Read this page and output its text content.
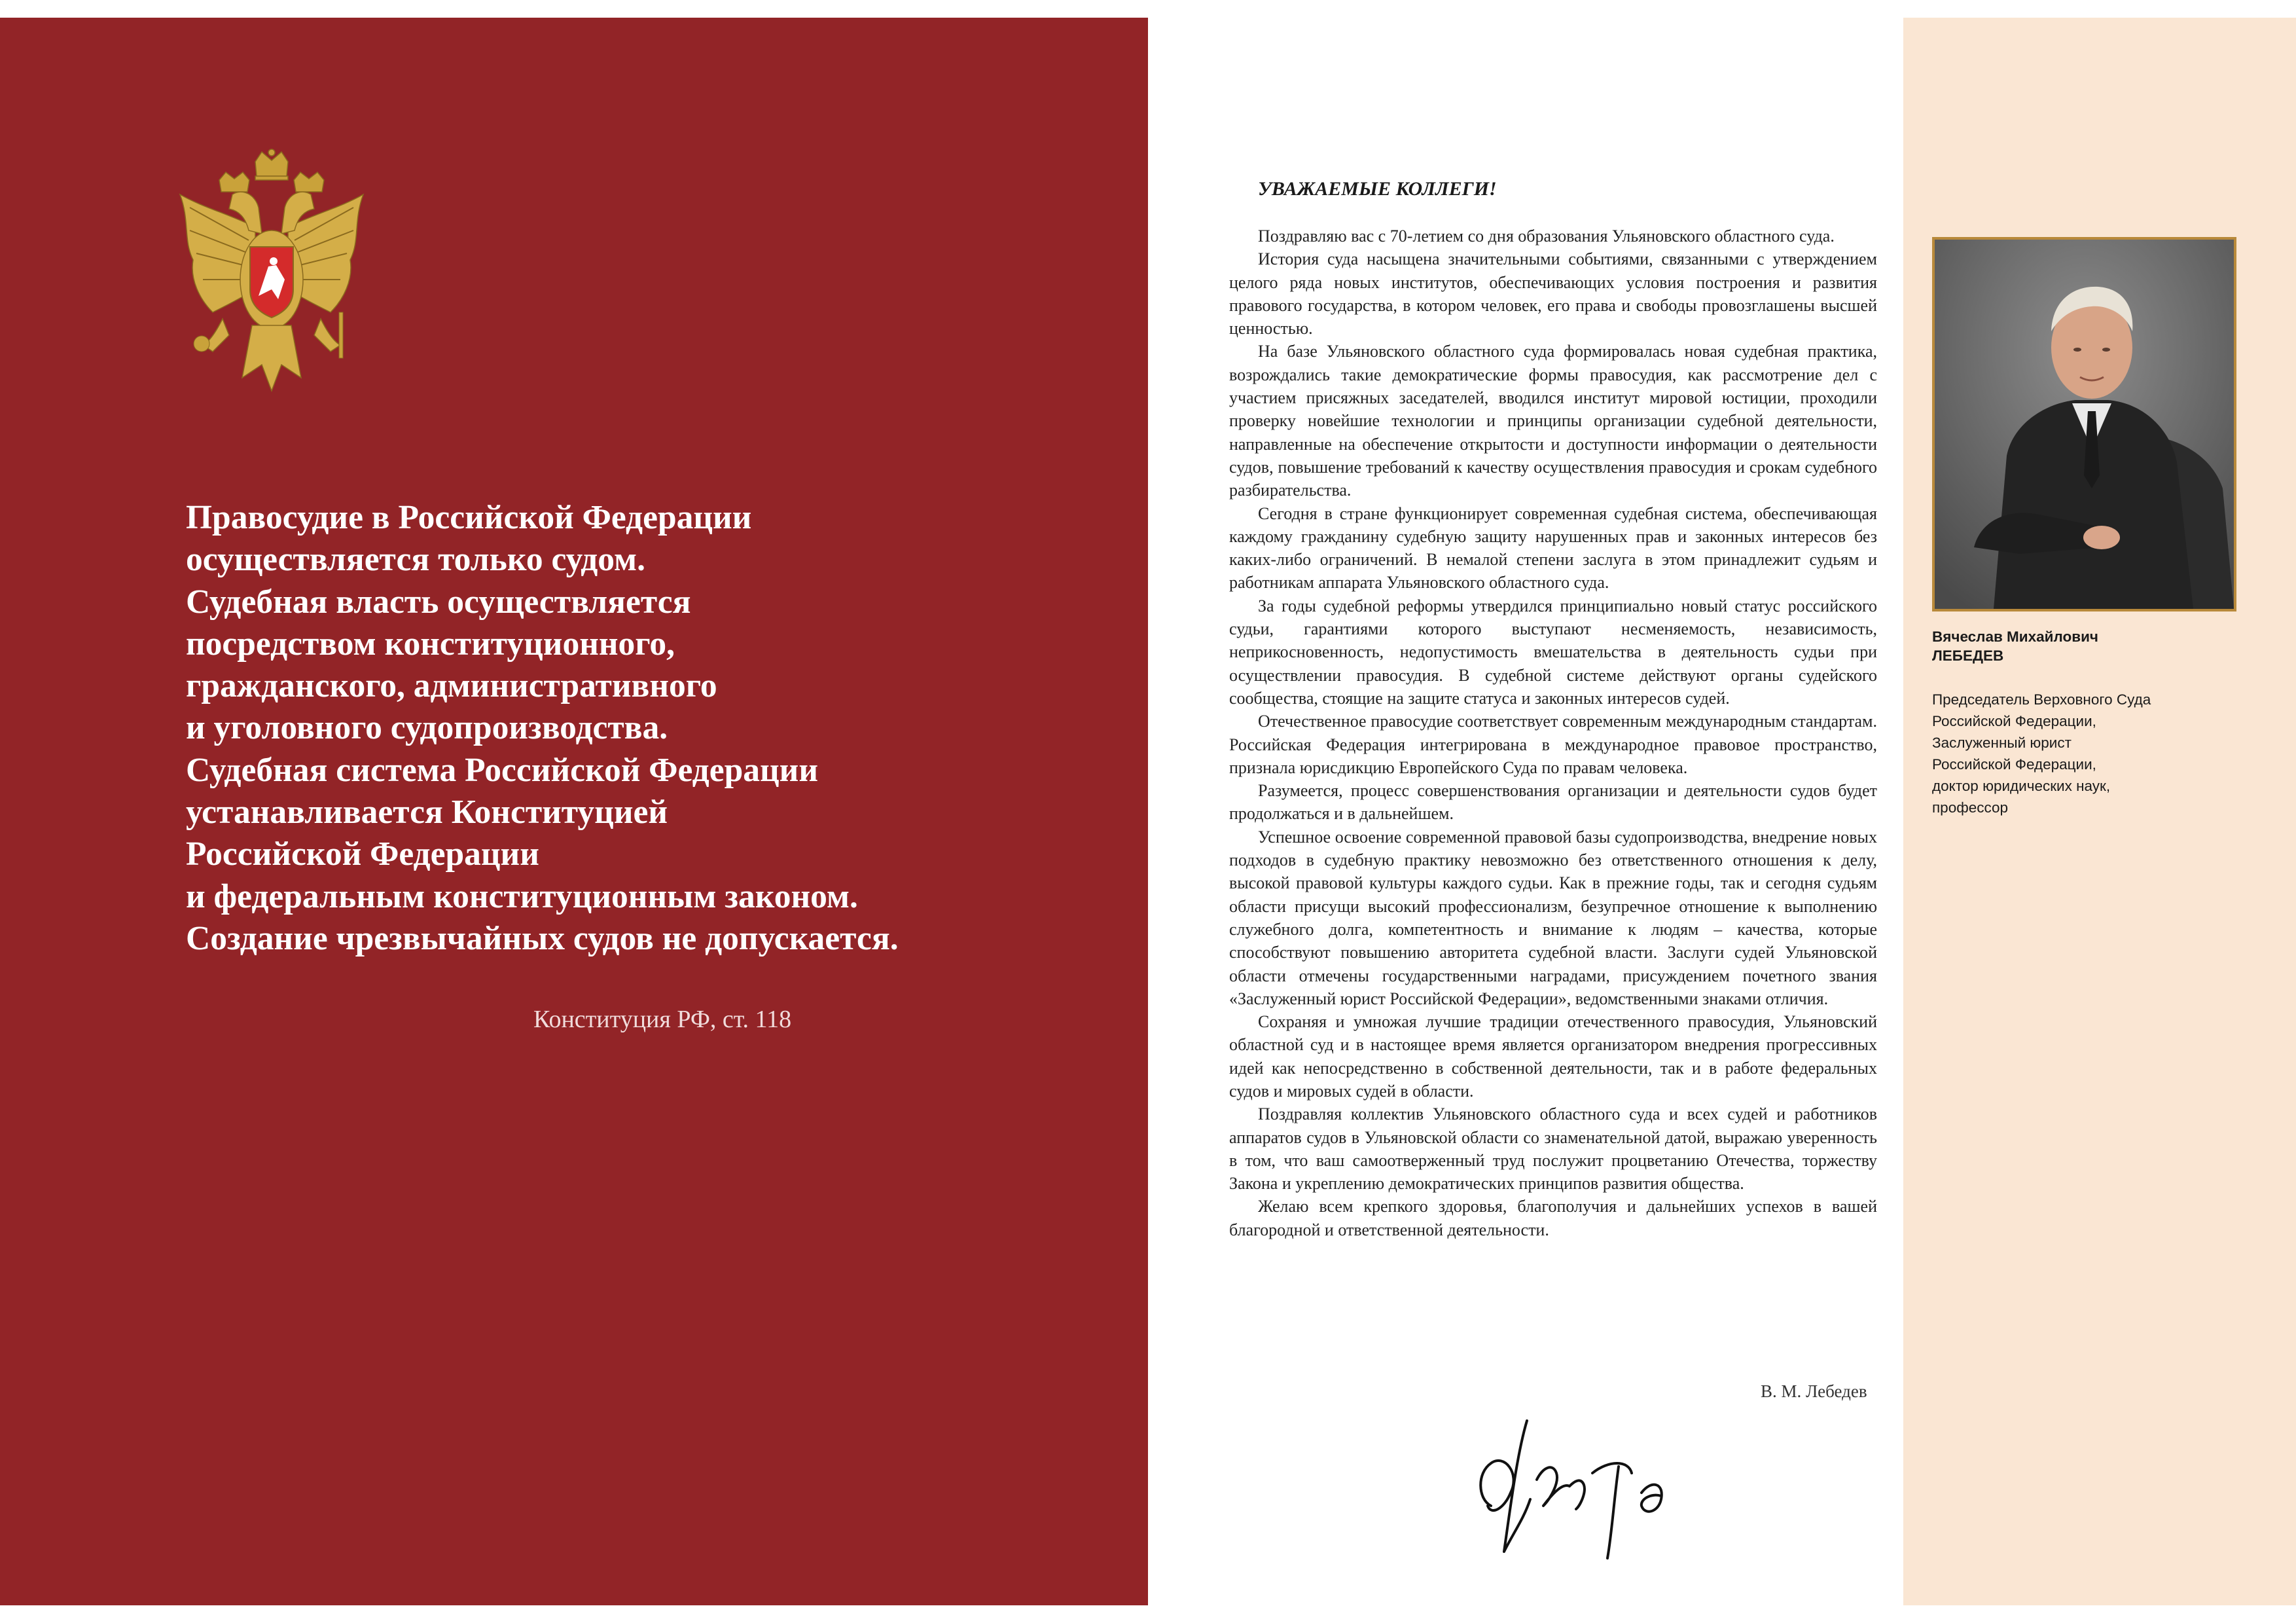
Правосудие в Российской Федерации
осуществляется только судом.
Судебная власть осуществляется
посредством конституционного,
гражданского, административного
и уголовного судопроизводства.
Судебная система Российской Федерации
устанавливается Конституцией
Российской Федерации
и федеральным конституционным законом.
Создание чрезвычайных судов не допускается.
Конституция РФ, ст. 118
Вячеслав Михайлович
ЛЕБЕДЕВ
Председатель Верховного Суда
Российской Федерации,
Заслуженный юрист
Российской Федерации,
доктор юридических наук,
профессор
УВАЖАЕМЫЕ КОЛЛЕГИ!

Поздравляю вас с 70-летием со дня образования Ульяновского областного суда.

История суда насыщена значительными событиями, связанными с утверждением целого ряда новых институтов, обеспечивающих условия построения и развития правового государства, в котором человек, его права и свободы провозглашены высшей ценностью.

На базе Ульяновского областного суда формировалась новая судебная практика, возрождались такие демократические формы правосудия, как рассмотрение дел с участием присяжных заседателей, вводился институт мировой юстиции, проходили проверку новейшие технологии и принципы организации судебной деятельности, направленные на обеспечение открытости и доступности информации о деятельности судов, повышение требований к качеству осуществления правосудия и срокам судебного разбирательства.

Сегодня в стране функционирует современная судебная система, обеспечивающая каждому гражданину судебную защиту нарушенных прав и законных интересов без каких-либо ограничений. В немалой степени заслуга в этом принадлежит судьям и работникам аппарата Ульяновского областного суда.

За годы судебной реформы утвердился принципиально новый статус российского судьи, гарантиями которого выступают несменяемость, независимость, неприкосновенность, недопустимость вмешательства в деятельность судьи при осуществлении правосудия. В судебной системе действуют органы судейского сообщества, стоящие на защите статуса и законных интересов судей.

Отечественное правосудие соответствует современным международным стандартам. Российская Федерация интегрирована в международное правовое пространство, признала юрисдикцию Европейского Суда по правам человека.

Разумеется, процесс совершенствования организации и деятельности судов будет продолжаться и в дальнейшем.

Успешное освоение современной правовой базы судопроизводства, внедрение новых подходов в судебную практику невозможно без ответственного отношения к делу, высокой правовой культуры каждого судьи. Как в прежние годы, так и сегодня судьям области присущи высокий профессионализм, безупречное отношение к выполнению служебного долга, компетентность и внимание к людям – качества, которые способствуют повышению авторитета судебной власти. Заслуги судей Ульяновской области отмечены государственными наградами, присуждением почетного звания «Заслуженный юрист Российской Федерации», ведомственными знаками отличия.

Сохраняя и умножая лучшие традиции отечественного правосудия, Ульяновский областной суд и в настоящее время является организатором внедрения прогрессивных идей как непосредственно в собственной деятельности, так и в работе федеральных судов и мировых судей в области.

Поздравляя коллектив Ульяновского областного суда и всех судей и работников аппаратов судов в Ульяновской области со знаменательной датой, выражаю уверенность в том, что ваш самоотверженный труд послужит процветанию Отечества, торжеству Закона и укреплению демократических принципов развития общества.

Желаю всем крепкого здоровья, благополучия и дальнейших успехов в вашей благородной и ответственной деятельности.

В. М. Лебедев
